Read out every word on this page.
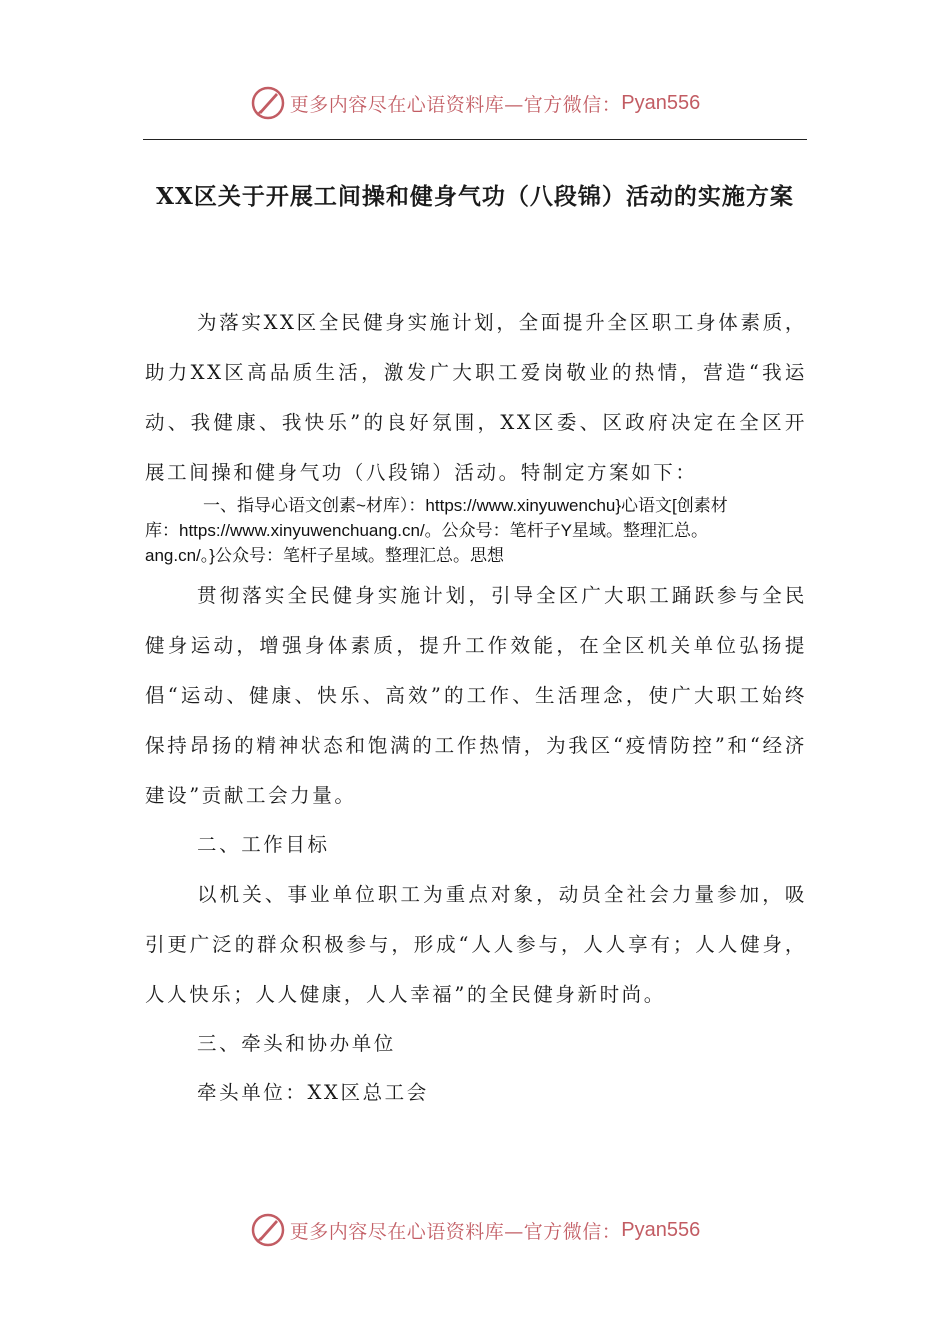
更多内容尽在心语资料库—官方微信： Pyan556
XX区关于开展工间操和健身气功（八段锦）活动的实施方案
为落实XX区全民健身实施计划，全面提升全区职工身体素质，助力XX区高品质生活，激发广大职工爱岗敬业的热情，营造“我运动、我健康、我快乐”的良好氛围，XX区委、区政府决定在全区开展工间操和健身气功（八段锦）活动。特制定方案如下：
一、指导心语文创素~材库）：https://www.xinyuwenchu}心语文[创素材
库：https://www.xinyuwenchuang.cn/。公众号：笔杆子Y星域。整理汇总。
ang.cn/。}公众号：笔杆子星域。整理汇总。思想
贯彻落实全民健身实施计划，引导全区广大职工踊跃参与全民健身运动，增强身体素质，提升工作效能，在全区机关单位弘扬提倡“运动、健康、快乐、高效”的工作、生活理念，使广大职工始终保持昂扬的精神状态和饱满的工作热情，为我区“疫情防控”和“经济建设”贡献工会力量。
二、工作目标
以机关、事业单位职工为重点对象，动员全社会力量参加，吸引更广泛的群众积极参与，形成“人人参与，人人享有；人人健身，人人快乐；人人健康，人人幸福”的全民健身新时尚。
三、牵头和协办单位
牵头单位：XX区总工会
更多内容尽在心语资料库—官方微信： Pyan556
